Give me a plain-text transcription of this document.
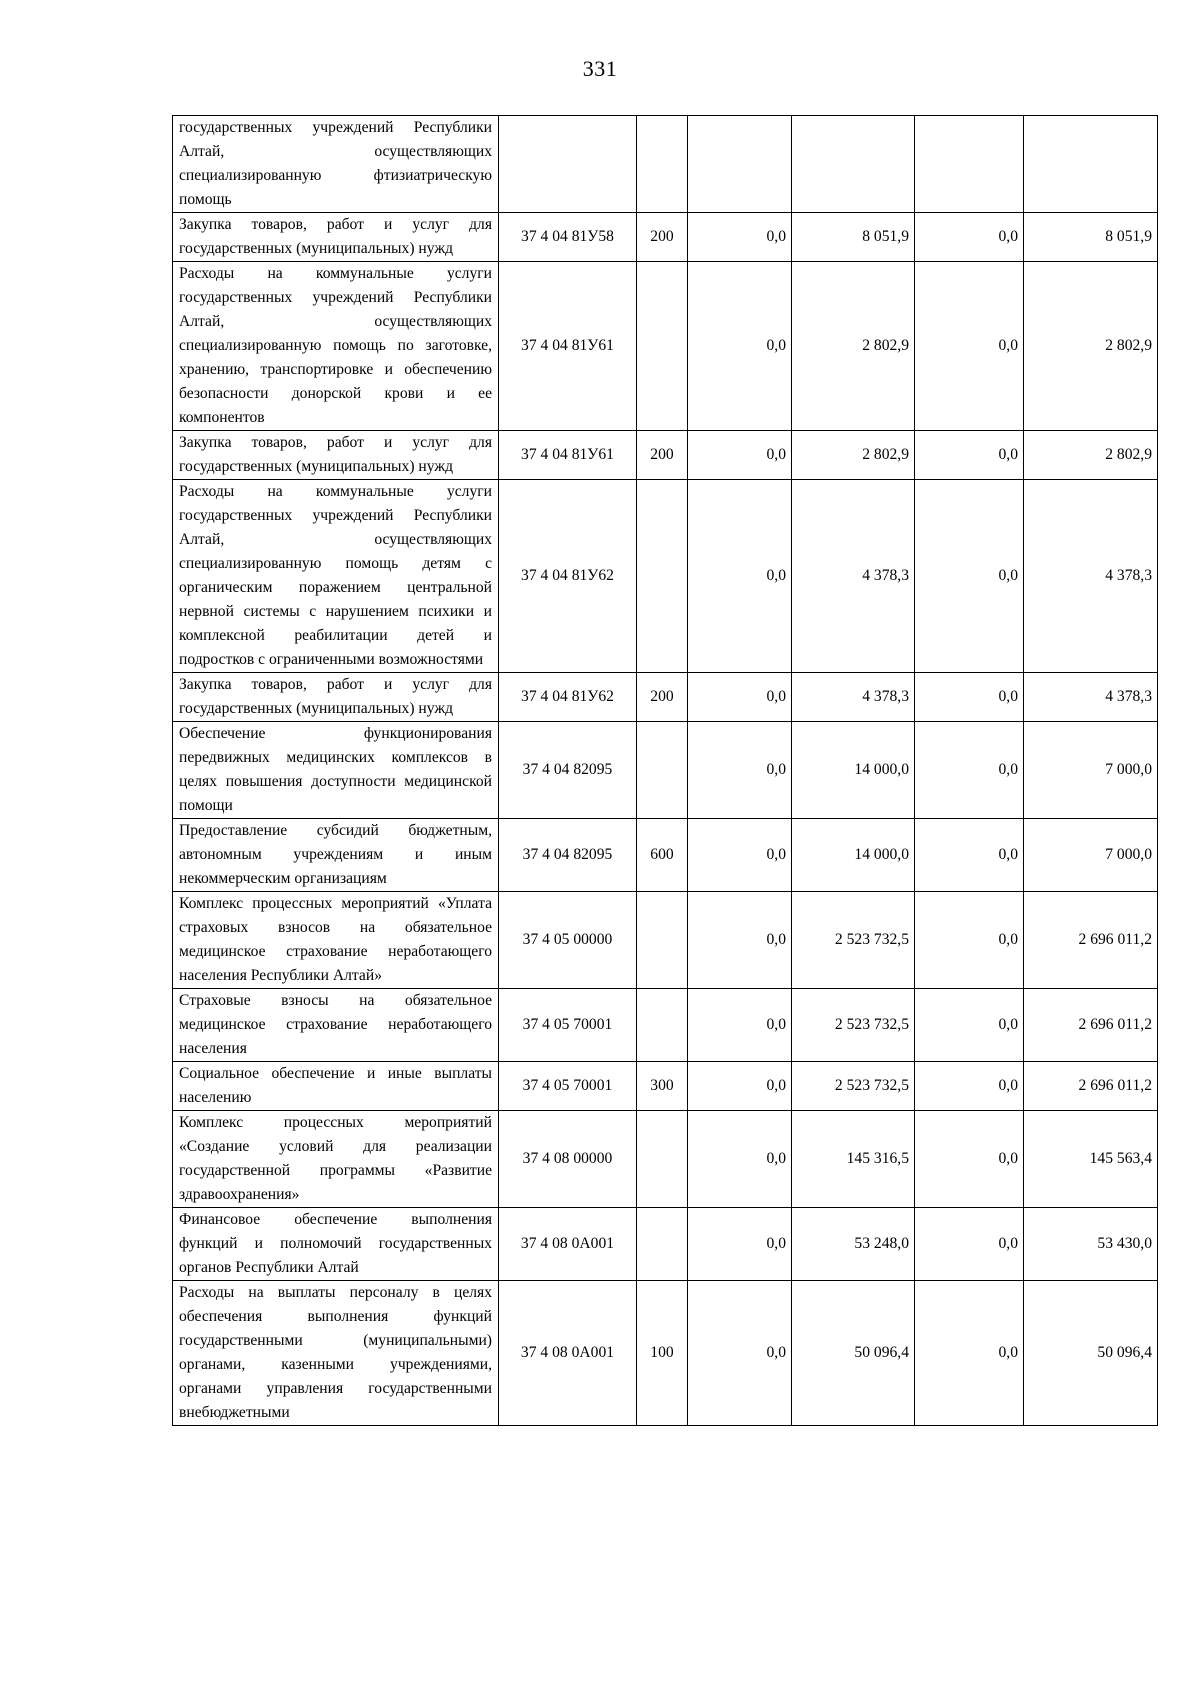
331
государственных учреждений Республики Алтай, осуществляющих специализированную фтизиатрическую помощь						
Закупка товаров, работ и услуг для государственных (муниципальных) нужд	37 4 04 81У58	200	0,0	8 051,9	0,0	8 051,9
Расходы на коммунальные услуги государственных учреждений Республики Алтай, осуществляющих специализированную помощь по заготовке, хранению, транспортировке и обеспечению безопасности донорской крови и ее компонентов	37 4 04 81У61		0,0	2 802,9	0,0	2 802,9
Закупка товаров, работ и услуг для государственных (муниципальных) нужд	37 4 04 81У61	200	0,0	2 802,9	0,0	2 802,9
Расходы на коммунальные услуги государственных учреждений Республики Алтай, осуществляющих специализированную помощь детям с органическим поражением центральной нервной системы с нарушением психики и комплексной реабилитации детей и подростков с ограниченными возможностями	37 4 04 81У62		0,0	4 378,3	0,0	4 378,3
Закупка товаров, работ и услуг для государственных (муниципальных) нужд	37 4 04 81У62	200	0,0	4 378,3	0,0	4 378,3
Обеспечение функционирования передвижных медицинских комплексов в целях повышения доступности медицинской помощи	37 4 04 82095		0,0	14 000,0	0,0	7 000,0
Предоставление субсидий бюджетным, автономным учреждениям и иным некоммерческим организациям	37 4 04 82095	600	0,0	14 000,0	0,0	7 000,0
Комплекс процессных мероприятий «Уплата страховых взносов на обязательное медицинское страхование неработающего населения Республики Алтай»	37 4 05 00000		0,0	2 523 732,5	0,0	2 696 011,2
Страховые взносы на обязательное медицинское страхование неработающего населения	37 4 05 70001		0,0	2 523 732,5	0,0	2 696 011,2
Социальное обеспечение и иные выплаты населению	37 4 05 70001	300	0,0	2 523 732,5	0,0	2 696 011,2
Комплекс процессных мероприятий «Создание условий для реализации государственной программы «Развитие здравоохранения»	37 4 08 00000		0,0	145 316,5	0,0	145 563,4
Финансовое обеспечение выполнения функций и полномочий государственных органов Республики Алтай	37 4 08 0А001		0,0	53 248,0	0,0	53 430,0
Расходы на выплаты персоналу в целях обеспечения выполнения функций государственными (муниципальными) органами, казенными учреждениями, органами управления государственными внебюджетными	37 4 08 0А001	100	0,0	50 096,4	0,0	50 096,4
